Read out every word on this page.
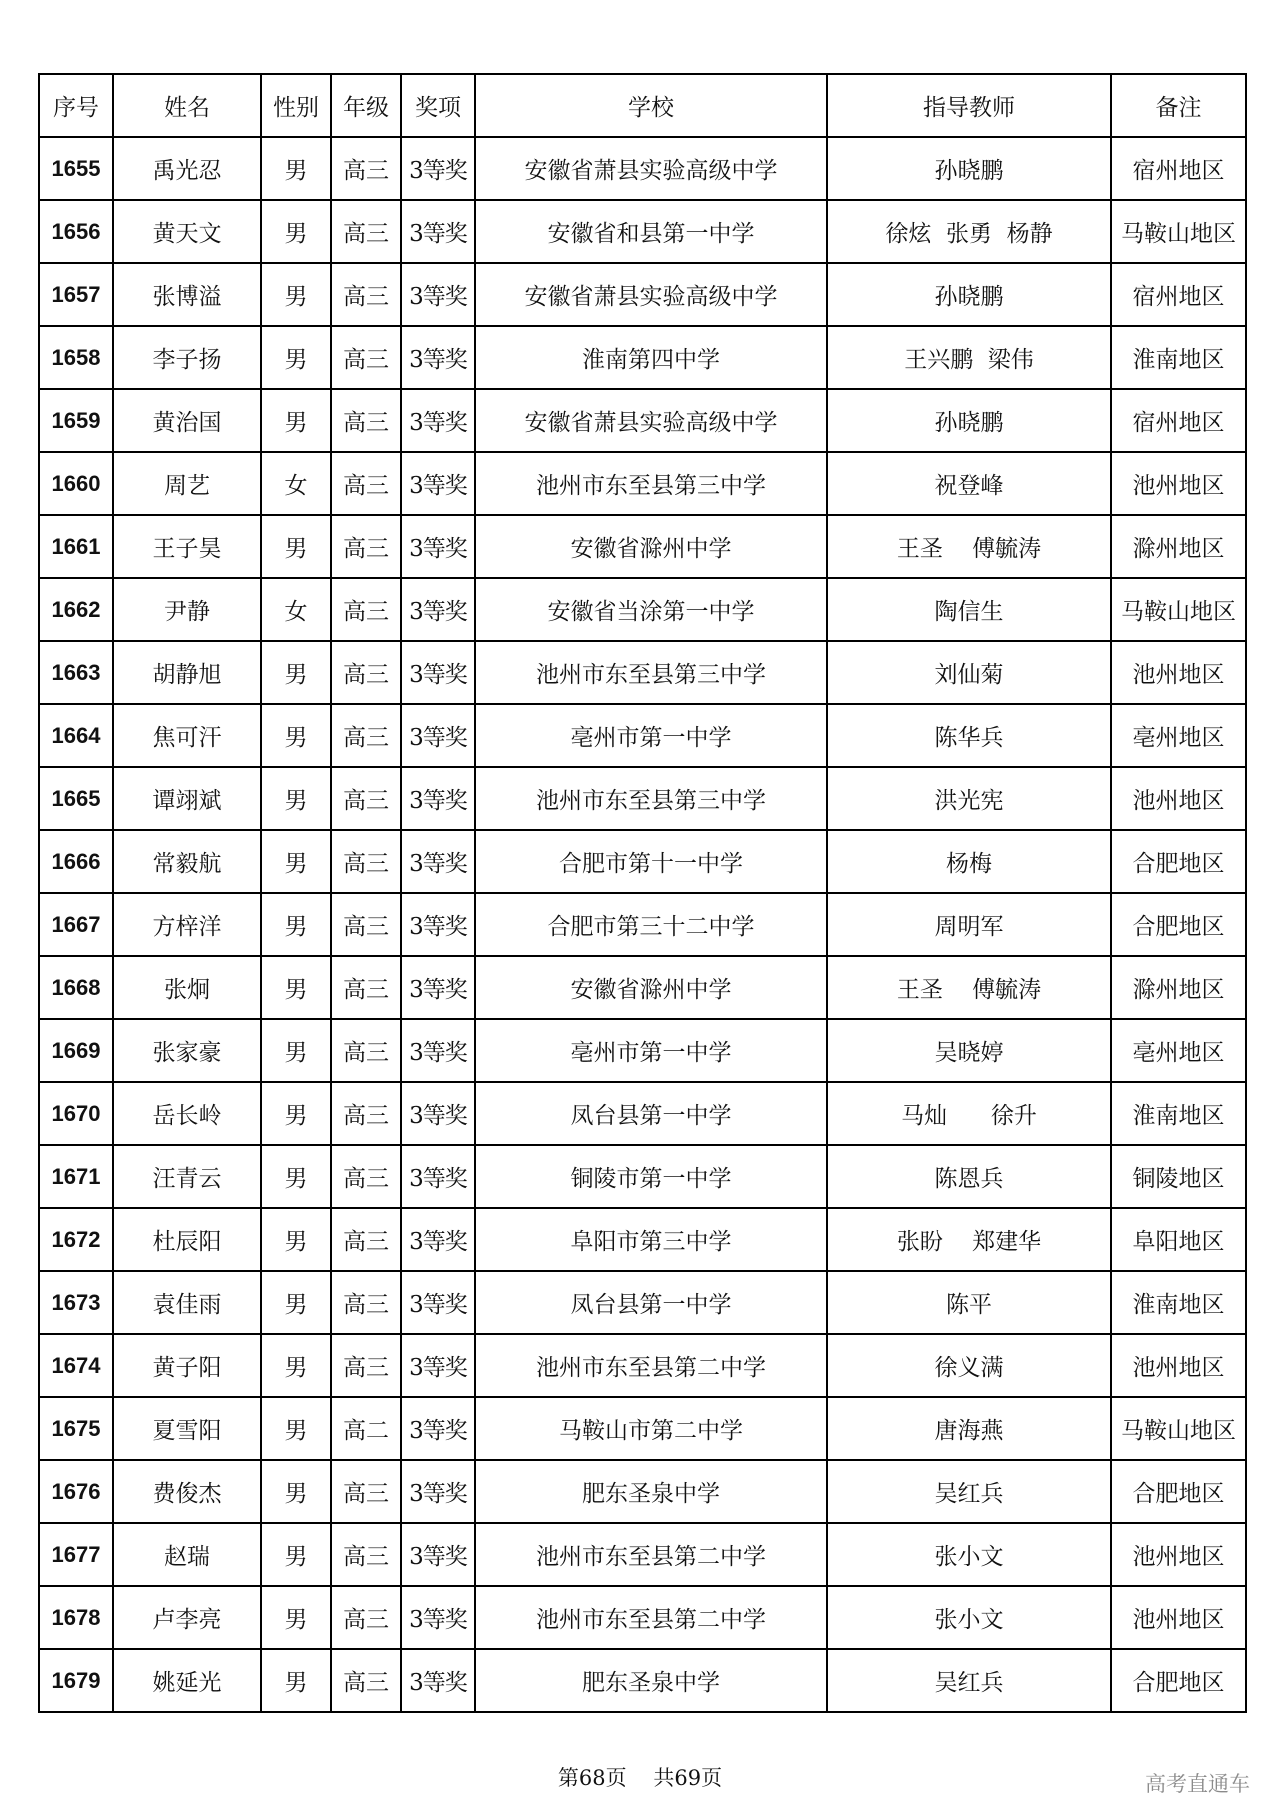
序号	姓名	性别	年级	奖项	学校	指导教师	备注
1655	禹光忍	男	高三	3等奖	安徽省萧县实验高级中学	孙晓鹏	宿州地区
1656	黄天文	男	高三	3等奖	安徽省和县第一中学	徐炫  张勇  杨静	马鞍山地区
1657	张博溢	男	高三	3等奖	安徽省萧县实验高级中学	孙晓鹏	宿州地区
1658	李子扬	男	高三	3等奖	淮南第四中学	王兴鹏  梁伟	淮南地区
1659	黄治国	男	高三	3等奖	安徽省萧县实验高级中学	孙晓鹏	宿州地区
1660	周艺	女	高三	3等奖	池州市东至县第三中学	祝登峰	池州地区
1661	王子昊	男	高三	3等奖	安徽省滁州中学	王圣    傅毓涛	滁州地区
1662	尹静	女	高三	3等奖	安徽省当涂第一中学	陶信生	马鞍山地区
1663	胡静旭	男	高三	3等奖	池州市东至县第三中学	刘仙菊	池州地区
1664	焦可汗	男	高三	3等奖	亳州市第一中学	陈华兵	亳州地区
1665	谭翊斌	男	高三	3等奖	池州市东至县第三中学	洪光宪	池州地区
1666	常毅航	男	高三	3等奖	合肥市第十一中学	杨梅	合肥地区
1667	方梓洋	男	高三	3等奖	合肥市第三十二中学	周明军	合肥地区
1668	张炯	男	高三	3等奖	安徽省滁州中学	王圣    傅毓涛	滁州地区
1669	张家豪	男	高三	3等奖	亳州市第一中学	吴晓婷	亳州地区
1670	岳长岭	男	高三	3等奖	凤台县第一中学	马灿      徐升	淮南地区
1671	汪青云	男	高三	3等奖	铜陵市第一中学	陈恩兵	铜陵地区
1672	杜辰阳	男	高三	3等奖	阜阳市第三中学	张盼    郑建华	阜阳地区
1673	袁佳雨	男	高三	3等奖	凤台县第一中学	陈平	淮南地区
1674	黄子阳	男	高三	3等奖	池州市东至县第二中学	徐义满	池州地区
1675	夏雪阳	男	高二	3等奖	马鞍山市第二中学	唐海燕	马鞍山地区
1676	费俊杰	男	高三	3等奖	肥东圣泉中学	吴红兵	合肥地区
1677	赵瑞	男	高三	3等奖	池州市东至县第二中学	张小文	池州地区
1678	卢李亮	男	高三	3等奖	池州市东至县第二中学	张小文	池州地区
1679	姚延光	男	高三	3等奖	肥东圣泉中学	吴红兵	合肥地区
第68页    共69页	高考直通车
